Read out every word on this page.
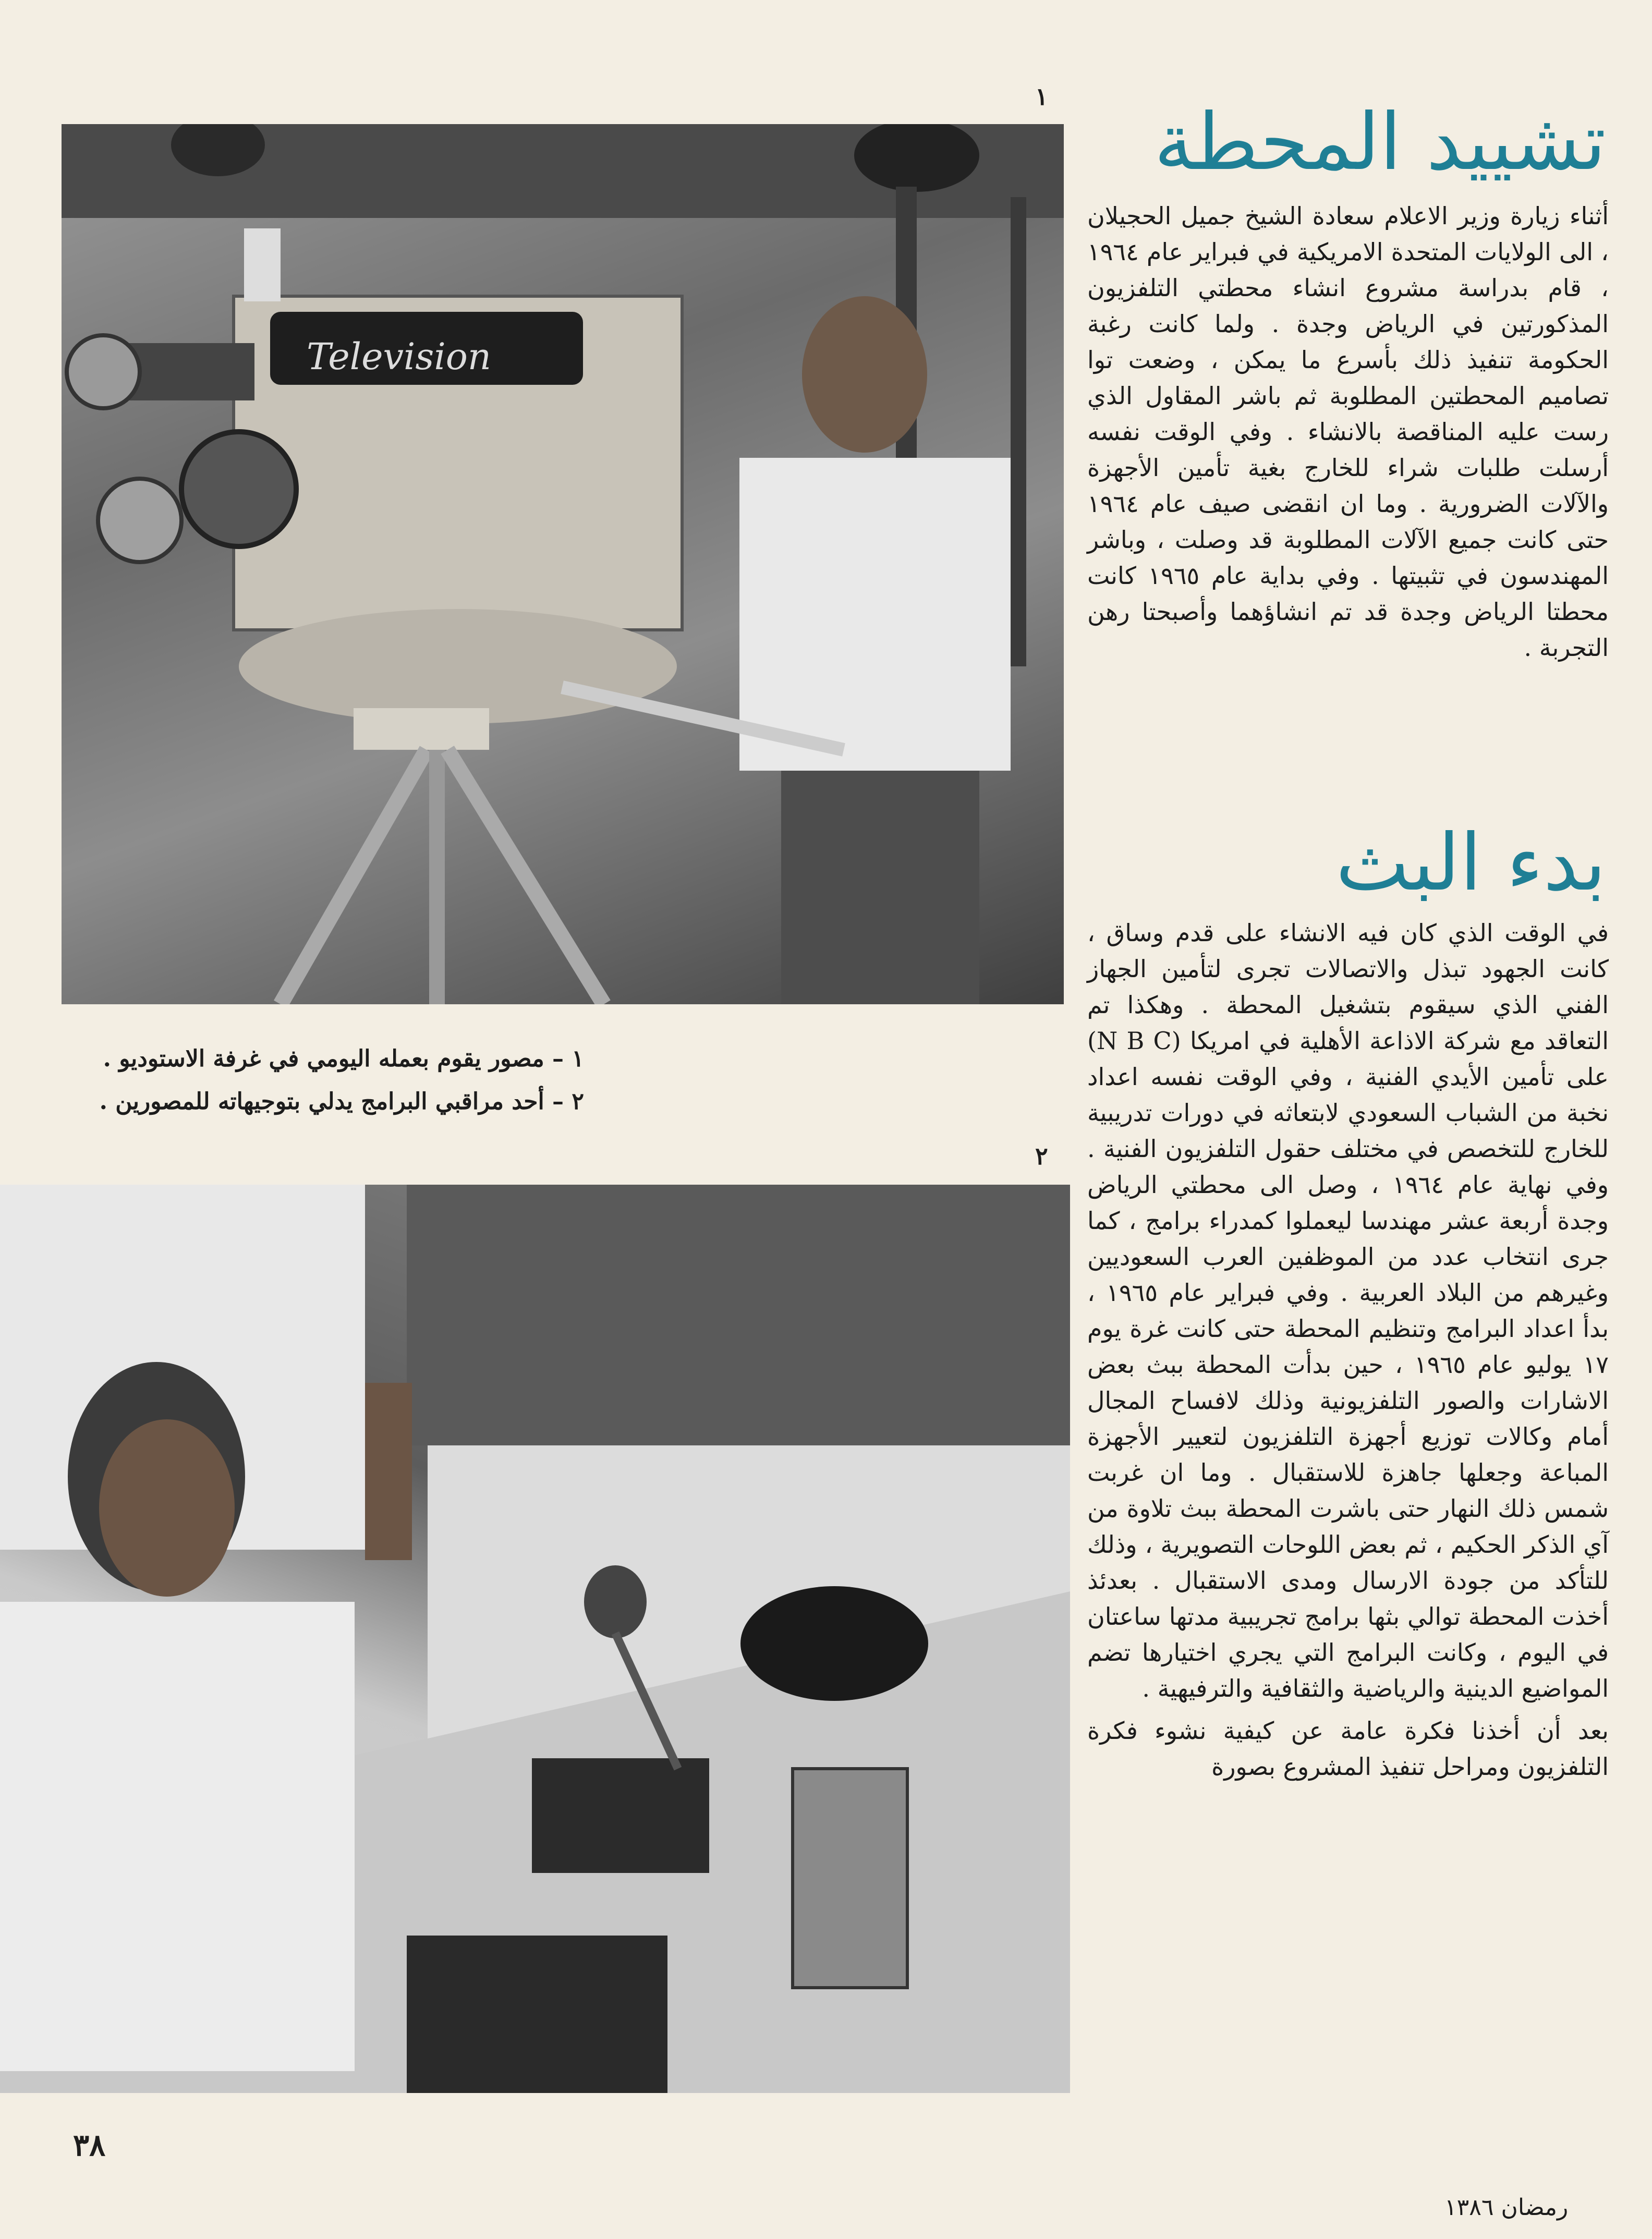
١
٢
Television
١ – مصور يقوم بعمله اليومي في غرفة الاستوديو .
٢ – أحد مراقبي البرامج يدلي بتوجيهاته للمصورين .
تشييد المحطة

أثناء زيارة وزير الاعلام سعادة الشيخ جميل الحجيلان ، الى الولايات المتحدة الامريكية في فبراير عام ١٩٦٤ ، قام بدراسة مشروع انشاء محطتي التلفزيون المذكورتين في الرياض وجدة . ولما كانت رغبة الحكومة تنفيذ ذلك بأسرع ما يمكن ، وضعت توا تصاميم المحطتين المطلوبة ثم باشر المقاول الذي رست عليه المناقصة بالانشاء . وفي الوقت نفسه أرسلت طلبات شراء للخارج بغية تأمين الأجهزة والآلات الضرورية . وما ان انقضى صيف عام ١٩٦٤ حتى كانت جميع الآلات المطلوبة قد وصلت ، وباشر المهندسون في تثبيتها . وفي بداية عام ١٩٦٥ كانت محطتا الرياض وجدة قد تم انشاؤهما وأصبحتا رهن التجربة .

بدء البث

في الوقت الذي كان فيه الانشاء على قدم وساق ، كانت الجهود تبذل والاتصالات تجرى لتأمين الجهاز الفني الذي سيقوم بتشغيل المحطة . وهكذا تم التعاقد مع شركة الاذاعة الأهلية في امريكا (N B C) على تأمين الأيدي الفنية ، وفي الوقت نفسه اعداد نخبة من الشباب السعودي لابتعاثه في دورات تدريبية للخارج للتخصص في مختلف حقول التلفزيون الفنية . وفي نهاية عام ١٩٦٤ ، وصل الى محطتي الرياض وجدة أربعة عشر مهندسا ليعملوا كمدراء برامج ، كما جرى انتخاب عدد من الموظفين العرب السعوديين وغيرهم من البلاد العربية . وفي فبراير عام ١٩٦٥ ، بدأ اعداد البرامج وتنظيم المحطة حتى كانت غرة يوم ١٧ يوليو عام ١٩٦٥ ، حين بدأت المحطة ببث بعض الاشارات والصور التلفزيونية وذلك لافساح المجال أمام وكالات توزيع أجهزة التلفزيون لتعيير الأجهزة المباعة وجعلها جاهزة للاستقبال . وما ان غربت شمس ذلك النهار حتى باشرت المحطة ببث تلاوة من آي الذكر الحكيم ، ثم بعض اللوحات التصويرية ، وذلك للتأكد من جودة الارسال ومدى الاستقبال . بعدئذ أخذت المحطة توالي بثها برامج تجريبية مدتها ساعتان في اليوم ، وكانت البرامج التي يجري اختيارها تضم المواضيع الدينية والرياضية والثقافية والترفيهية .

بعد أن أخذنا فكرة عامة عن كيفية نشوء فكرة التلفزيون ومراحل تنفيذ المشروع بصورة

٣٨
رمضان ١٣٨٦
